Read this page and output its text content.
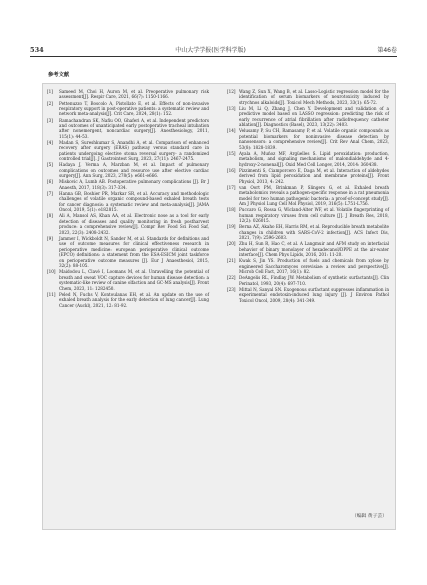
534	中山大学学报(医学科学版)	第46卷
参考文献
[1]	Sameed M, Choi H, Auron M, et al. Preoperative pulmonary risk assessment[J]. Respir Care, 2021, 66(7): 1150-1166.
[2]	Pettenuzzo T, Boscolo A, Pistollato E, et al. Effects of non-invasive respiratory support in post-operative patients: a systematic review and network meta-analysis[J]. Crit Care, 2024, 28(1): 152.
[3]	Ramachandran SK, Nafiu OO, Ghaferi A, et al. Independent predictors and outcomes of unanticipated early postoperative tracheal intubation after nonemergent, noncardiac surgery[J]. Anesthesiology, 2011, 115(1): 44-53.
[4]	Madan S, Sureshkumar S, Anandhi A, et al. Comparison of enhanced recovery after surgery (ERAS) pathway versus standard care in patients undergoing elective stoma reversal surgery- a randomized controlled trial[J]. J Gastrointest Surg, 2023, 27(11): 2467-2475.
[5]	Hadaya J, Verma A, Marzban M, et al. Impact of pulmonary complications on outcomes and resource use after elective cardiac surgery[J]. Ann Surg, 2023, 278(5): e661-e666.
[6]	Miskovic A, Lumb AB. Postoperative pulmonary complications [J]. Br J Anaesth, 2017, 118(3): 317-334.
[7]	Hanna GB, Boshier PR, Markar SR, et al. Accuracy and methodologic challenges of volatile organic compound-based exhaled breath tests for cancer diagnosis: a systematic review and meta-analysis[J]. JAMA Oncol, 2019, 5(1): e182815.
[8]	Ali A, Mansol AS, Khan AA, et al. Electronic nose as a tool for early detection of diseases and quality monitoring in fresh postharvest produce: a comprehensive review[J]. Compr Rev Food Sci Food Saf, 2023, 22(3): 2408-2432.
[9]	Jammer I, Wickboldt N, Sander M, et al. Standards for definitions and use of outcome measures for clinical effectiveness research in perioperative medicine: european perioperative clinical outcome (EPCO) definitions: a statement from the ESA-ESICM joint taskforce on perioperative outcome measures [J]. Eur J Anaesthesiol, 2015, 32(2): 88-105.
[10] Maidodou L, Clavé I, Loomans M, et al. Unravelling the potential of breath and sweat VOC capture devices for human disease detection: a systematic-like review of canine olfaction and GC-MS analysis[J]. Front Chem, 2023, 11: 1282450.
[11] Peled N, Fuchs V, Kontoulanas EH, et al. An update on the use of exhaled breath analysis for the early detection of lung cancer[J]. Lung Cancer (Auckl), 2021, 12: 81-92.
[12] Wang Z, Sun X, Wang B, et al. Lasso-Logistic regression model for the identification of serum biomarkers of neurotoxicity induced by strychnos alkaloids[J]. Toxicol Mech Methods, 2023, 33(1): 65-72.
[13] Liu M, Li Q, Zhang J, Chen Y. Development and validation of a predictive model based on LASSO regression: predicting the risk of early recurrence of atrial fibrillation after radiofrequency catheter ablation[J]. Diagnostics (Basel), 2023, 13(22): 3403.
[14] Velusamy P, Su CH, Ramasamy P, et al. Volatile organic compounds as potential biomarkers for noninvasive disease detection by nanosensors: a comprehensive review[J]. Crit Rev Anal Chem, 2023, 53(8): 1828-1839.
[15] Ayala A, Muñoz MF, Argüelles S. Lipid peroxidation: production, metabolism, and signaling mechanisms of malondialdehyde and 4-hydroxy-2-nonenal[J]. Oxid Med Cell Longev, 2014, 2014: 360438.
[16] Pizzimenti S, Ciamporcero E, Daga M, et al. Interaction of aldehydes derived from lipid peroxidation and membrane proteins[J]. Front Physiol, 2013, 4: 242.
[17] van Oort PM, Brinkman P, Slingers G, et al. Exhaled breath metabolomics reveals a pathogen-specific response in a rat pneumonia model for two human pathogenic bacteria: a proof-of-concept study[J]. Am J Physiol Lung Cell Mol Physiol, 2019, 316(5): L751-L756.
[18] Puccaro G, Rossa G, Wicland-Alter WF, et al. Volatile fingerprinting of human respiratory viruses from cell culture [J]. J Breath Res, 2018, 12(2): 026015.
[19] Berna AZ, Akaho EH, Harris RM, et al. Reproducible breath metabolite changes in children with SARS-CoV-2 infection[J]. ACS Infect Dis, 2021, 7(9): 2596-2603.
[20] Zhu H, Sun R, Hao C, et al. A Langmuir and AFM study on interfacial behavior of binary monolayer of hexadecanol/DPPE at the air-water interface[J]. Chem Phys Lipids, 2016, 201: 11-20.
[21] Kwak S, Jin YS. Production of fuels and chemicals from xylose by engineered Saccharomyces cerevisiae: a review and perspective[J]. Microb Cell Fact, 2017, 16(1): 82.
[22] DeAngelis RL, Findlay JW. Metabolism of synthetic surfactants[J]. Clin Perinatol, 1993, 20(4): 697-710.
[23] Mittal N, Sanyal SN. Exogenous surfactant suppresses inflammation in experimental endotoxin-induced lung injury [J]. J Environ Pathol Toxicol Oncol, 2009, 28(4): 341-349.
（编辑 黄子芸）
